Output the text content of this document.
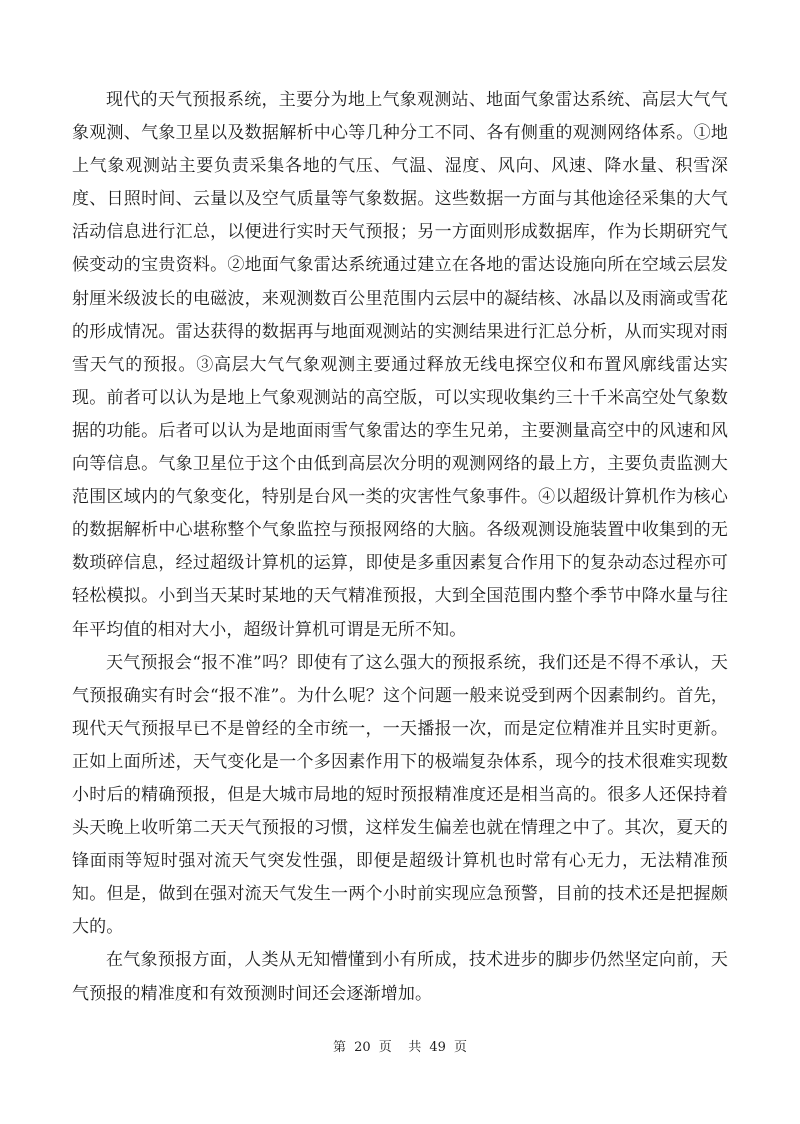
现代的天气预报系统，主要分为地上气象观测站、地面气象雷达系统、高层大气气象观测、气象卫星以及数据解析中心等几种分工不同、各有侧重的观测网络体系。①地上气象观测站主要负责采集各地的气压、气温、湿度、风向、风速、降水量、积雪深度、日照时间、云量以及空气质量等气象数据。这些数据一方面与其他途径采集的大气活动信息进行汇总，以便进行实时天气预报；另一方面则形成数据库，作为长期研究气候变动的宝贵资料。②地面气象雷达系统通过建立在各地的雷达设施向所在空域云层发射厘米级波长的电磁波，来观测数百公里范围内云层中的凝结核、冰晶以及雨滴或雪花的形成情况。雷达获得的数据再与地面观测站的实测结果进行汇总分析，从而实现对雨雪天气的预报。③高层大气气象观测主要通过释放无线电探空仪和布置风廓线雷达实现。前者可以认为是地上气象观测站的高空版，可以实现收集约三十千米高空处气象数据的功能。后者可以认为是地面雨雪气象雷达的孪生兄弟，主要测量高空中的风速和风向等信息。气象卫星位于这个由低到高层次分明的观测网络的最上方，主要负责监测大范围区域内的气象变化，特别是台风一类的灾害性气象事件。④以超级计算机作为核心的数据解析中心堪称整个气象监控与预报网络的大脑。各级观测设施装置中收集到的无数琐碎信息，经过超级计算机的运算，即使是多重因素复合作用下的复杂动态过程亦可轻松模拟。小到当天某时某地的天气精准预报，大到全国范围内整个季节中降水量与往年平均值的相对大小，超级计算机可谓是无所不知。

天气预报会“报不准”吗？即使有了这么强大的预报系统，我们还是不得不承认，天气预报确实有时会“报不准”。为什么呢？这个问题一般来说受到两个因素制约。首先，现代天气预报早已不是曾经的全市统一，一天播报一次，而是定位精准并且实时更新。正如上面所述，天气变化是一个多因素作用下的极端复杂体系，现今的技术很难实现数小时后的精确预报，但是大城市局地的短时预报精准度还是相当高的。很多人还保持着头天晚上收听第二天天气预报的习惯，这样发生偏差也就在情理之中了。其次，夏天的锋面雨等短时强对流天气突发性强，即便是超级计算机也时常有心无力，无法精准预知。但是，做到在强对流天气发生一两个小时前实现应急预警，目前的技术还是把握颇大的。

在气象预报方面，人类从无知懵懂到小有所成，技术进步的脚步仍然坚定向前，天气预报的精准度和有效预测时间还会逐渐增加。

第 20 页 共 49 页
